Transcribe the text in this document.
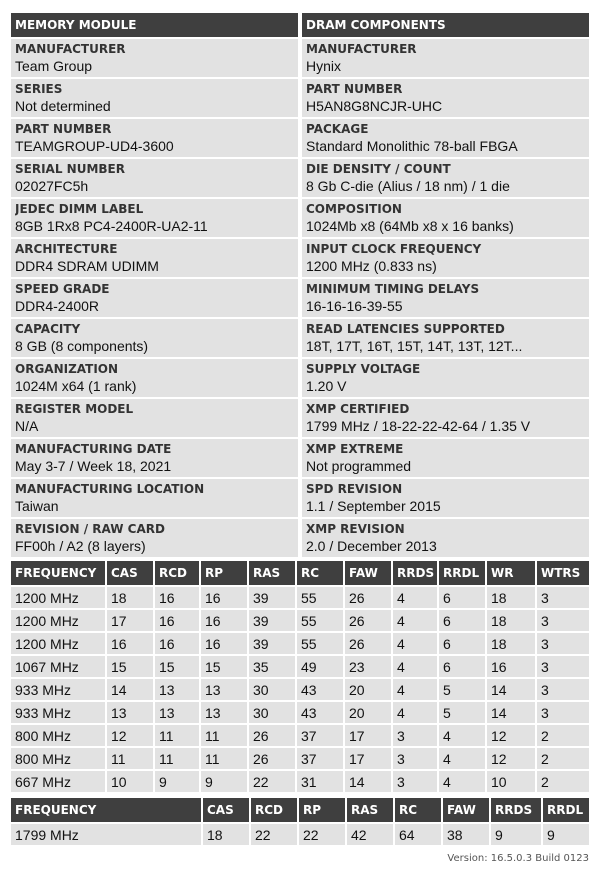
MEMORY MODULE
MANUFACTURER
Team Group
SERIES
Not determined
PART NUMBER
TEAMGROUP-UD4-3600
SERIAL NUMBER
02027FC5h
JEDEC DIMM LABEL
8GB 1Rx8 PC4-2400R-UA2-11
ARCHITECTURE
DDR4 SDRAM UDIMM
SPEED GRADE
DDR4-2400R
CAPACITY
8 GB (8 components)
ORGANIZATION
1024M x64 (1 rank)
REGISTER MODEL
N/A
MANUFACTURING DATE
May 3-7 / Week 18, 2021
MANUFACTURING LOCATION
Taiwan
REVISION / RAW CARD
FF00h / A2 (8 layers)
DRAM COMPONENTS
MANUFACTURER
Hynix
PART NUMBER
H5AN8G8NCJR-UHC
PACKAGE
Standard Monolithic 78-ball FBGA
DIE DENSITY / COUNT
8 Gb C-die (Alius / 18 nm) / 1 die
COMPOSITION
1024Mb x8 (64Mb x8 x 16 banks)
INPUT CLOCK FREQUENCY
1200 MHz (0.833 ns)
MINIMUM TIMING DELAYS
16-16-16-39-55
READ LATENCIES SUPPORTED
18T, 17T, 16T, 15T, 14T, 13T, 12T...
SUPPLY VOLTAGE
1.20 V
XMP CERTIFIED
1799 MHz / 18-22-22-42-64 / 1.35 V
XMP EXTREME
Not programmed
SPD REVISION
1.1 / September 2015
XMP REVISION
2.0 / December 2013
FREQUENCY	CAS	RCD	RP	RAS	RC	FAW	RRDS	RRDL	WR	WTRS
1200 MHz	18	16	16	39	55	26	4	6	18	3
1200 MHz	17	16	16	39	55	26	4	6	18	3
1200 MHz	16	16	16	39	55	26	4	6	18	3
1067 MHz	15	15	15	35	49	23	4	6	16	3
933 MHz	14	13	13	30	43	20	4	5	14	3
933 MHz	13	13	13	30	43	20	4	5	14	3
800 MHz	12	11	11	26	37	17	3	4	12	2
800 MHz	11	11	11	26	37	17	3	4	12	2
667 MHz	10	9	9	22	31	14	3	4	10	2
FREQUENCY	CAS	RCD	RP	RAS	RC	FAW	RRDS	RRDL
1799 MHz	18	22	22	42	64	38	9	9
Version: 16.5.0.3 Build 0123
